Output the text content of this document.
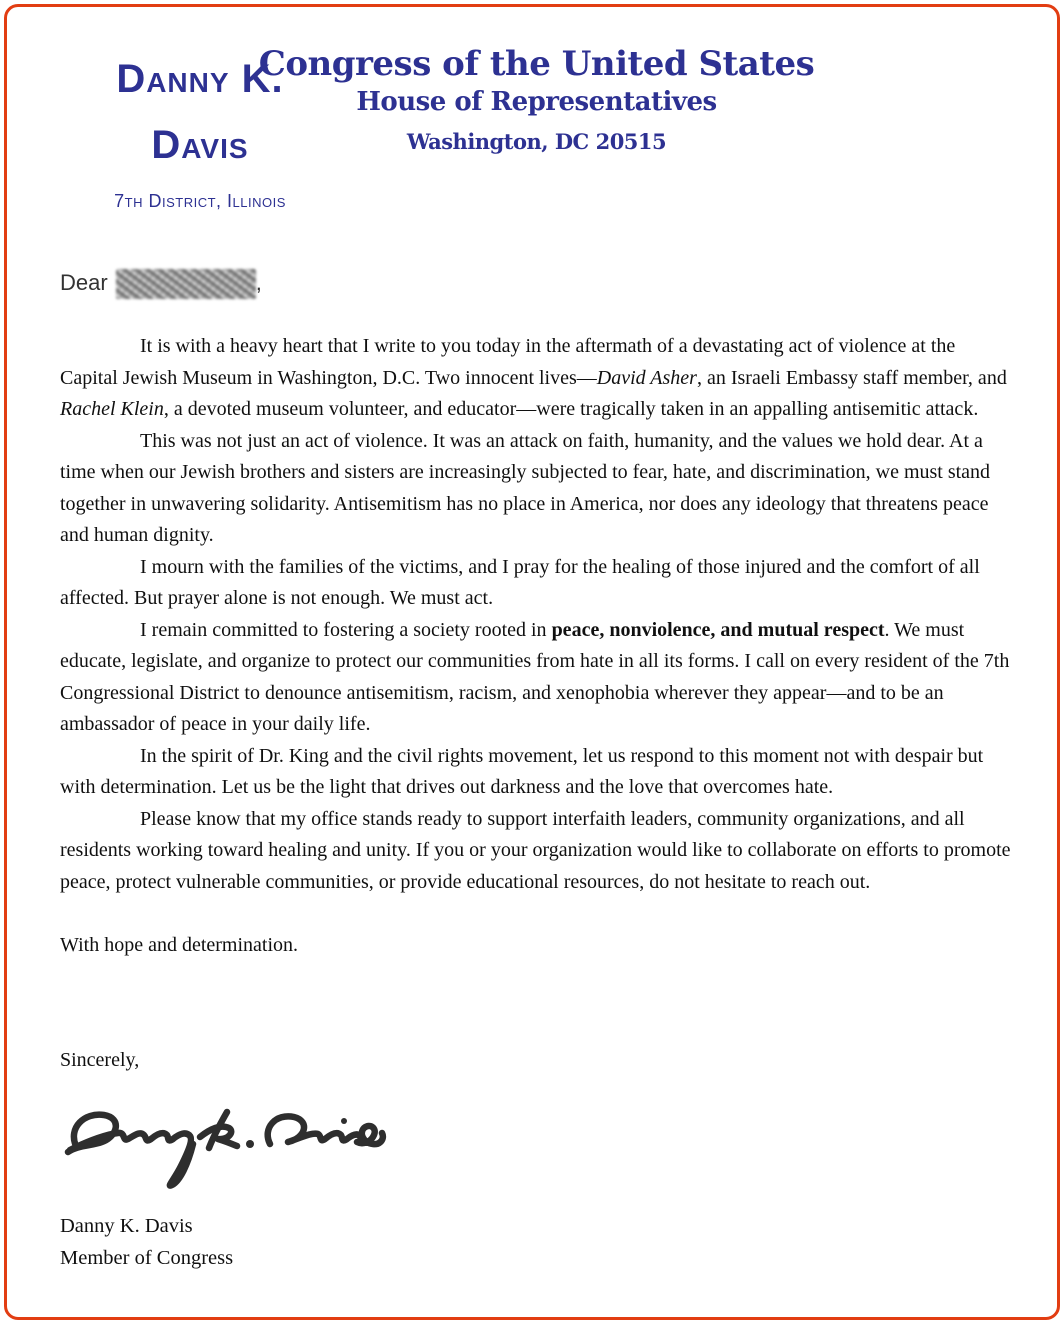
Danny K.
Davis
7th District, Illinois
Congress of the United States
House of Representatives
Washington, DC 20515
Dear	,

It is with a heavy heart that I write to you today in the aftermath of a devastating act of violence at the Capital Jewish Museum in Washington, D.C. Two innocent lives—David Asher, an Israeli Embassy staff member, and Rachel Klein, a devoted museum volunteer, and educator—were tragically taken in an appalling antisemitic attack.

This was not just an act of violence. It was an attack on faith, humanity, and the values we hold dear. At a time when our Jewish brothers and sisters are increasingly subjected to fear, hate, and discrimination, we must stand together in unwavering solidarity. Antisemitism has no place in America, nor does any ideology that threatens peace and human dignity.

I mourn with the families of the victims, and I pray for the healing of those injured and the comfort of all affected. But prayer alone is not enough. We must act.

I remain committed to fostering a society rooted in peace, nonviolence, and mutual respect. We must educate, legislate, and organize to protect our communities from hate in all its forms. I call on every resident of the 7th Congressional District to denounce antisemitism, racism, and xenophobia wherever they appear—and to be an ambassador of peace in your daily life.

In the spirit of Dr. King and the civil rights movement, let us respond to this moment not with despair but with determination. Let us be the light that drives out darkness and the love that overcomes hate.

Please know that my office stands ready to support interfaith leaders, community organizations, and all residents working toward healing and unity. If you or your organization would like to collaborate on efforts to promote peace, protect vulnerable communities, or provide educational resources, do not hesitate to reach out.

With hope and determination.
Sincerely,
Danny K. Davis
Member of Congress
